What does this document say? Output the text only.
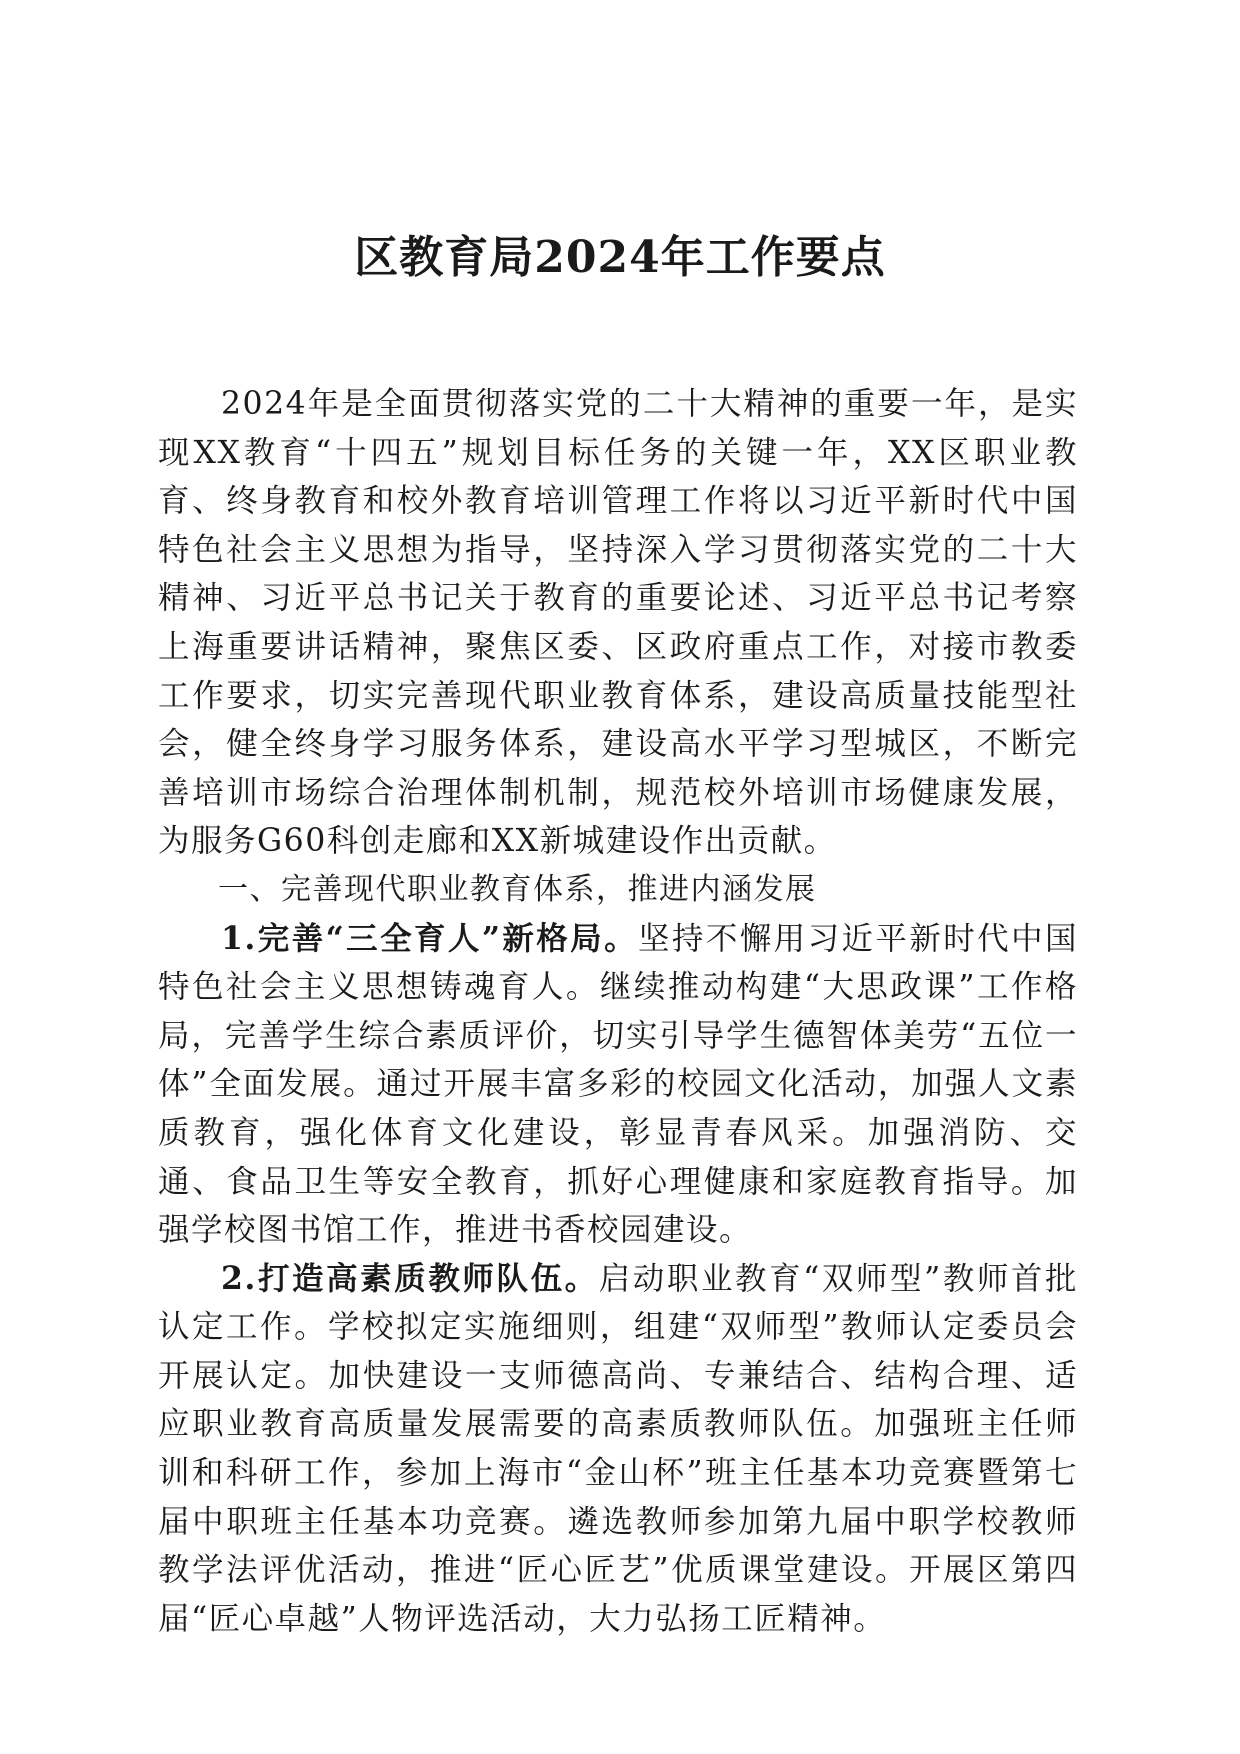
区教育局2024年工作要点

2024年是全面贯彻落实党的二十大精神的重要一年，是实现XX教育“十四五”规划目标任务的关键一年，XX区职业教育、终身教育和校外教育培训管理工作将以习近平新时代中国特色社会主义思想为指导，坚持深入学习贯彻落实党的二十大精神、习近平总书记关于教育的重要论述、习近平总书记考察上海重要讲话精神，聚焦区委、区政府重点工作，对接市教委工作要求，切实完善现代职业教育体系，建设高质量技能型社会，健全终身学习服务体系，建设高水平学习型城区，不断完善培训市场综合治理体制机制，规范校外培训市场健康发展，为服务G60科创走廊和XX新城建设作出贡献。

一、完善现代职业教育体系，推进内涵发展

1.完善“三全育人”新格局。坚持不懈用习近平新时代中国特色社会主义思想铸魂育人。继续推动构建“大思政课”工作格局，完善学生综合素质评价，切实引导学生德智体美劳“五位一体”全面发展。通过开展丰富多彩的校园文化活动，加强人文素质教育，强化体育文化建设，彰显青春风采。加强消防、交通、食品卫生等安全教育，抓好心理健康和家庭教育指导。加强学校图书馆工作，推进书香校园建设。

2.打造高素质教师队伍。启动职业教育“双师型”教师首批认定工作。学校拟定实施细则，组建“双师型”教师认定委员会开展认定。加快建设一支师德高尚、专兼结合、结构合理、适应职业教育高质量发展需要的高素质教师队伍。加强班主任师训和科研工作，参加上海市“金山杯”班主任基本功竞赛暨第七届中职班主任基本功竞赛。遴选教师参加第九届中职学校教师教学法评优活动，推进“匠心匠艺”优质课堂建设。开展区第四届“匠心卓越”人物评选活动，大力弘扬工匠精神。
